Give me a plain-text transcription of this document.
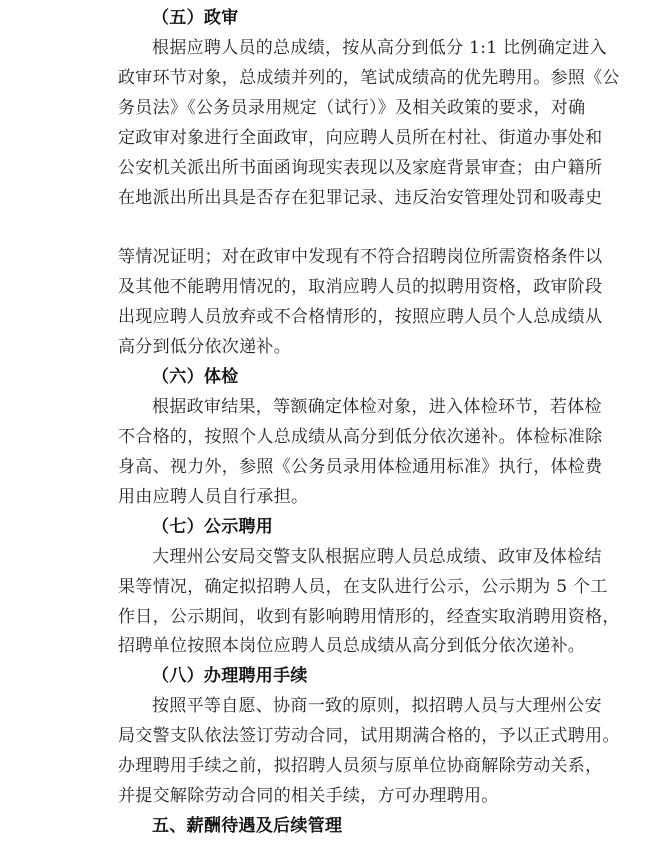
（五）政审
根据应聘人员的总成绩，按从高分到低分 1:1 比例确定进入
政审环节对象，总成绩并列的，笔试成绩高的优先聘用。参照《公
务员法》《公务员录用规定（试行）》及相关政策的要求，对确
定政审对象进行全面政审，向应聘人员所在村社、街道办事处和
公安机关派出所书面函询现实表现以及家庭背景审查；由户籍所
在地派出所出具是否存在犯罪记录、违反治安管理处罚和吸毒史
等情况证明；对在政审中发现有不符合招聘岗位所需资格条件以
及其他不能聘用情况的，取消应聘人员的拟聘用资格，政审阶段
出现应聘人员放弃或不合格情形的，按照应聘人员个人总成绩从
高分到低分依次递补。
（六）体检
根据政审结果，等额确定体检对象，进入体检环节，若体检
不合格的，按照个人总成绩从高分到低分依次递补。体检标准除
身高、视力外，参照《公务员录用体检通用标准》执行，体检费
用由应聘人员自行承担。
（七）公示聘用
大理州公安局交警支队根据应聘人员总成绩、政审及体检结
果等情况，确定拟招聘人员，在支队进行公示，公示期为 5 个工
作日，公示期间，收到有影响聘用情形的，经查实取消聘用资格，
招聘单位按照本岗位应聘人员总成绩从高分到低分依次递补。
（八）办理聘用手续
按照平等自愿、协商一致的原则，拟招聘人员与大理州公安
局交警支队依法签订劳动合同，试用期满合格的，予以正式聘用。
办理聘用手续之前，拟招聘人员须与原单位协商解除劳动关系，
并提交解除劳动合同的相关手续，方可办理聘用。
五、薪酬待遇及后续管理
